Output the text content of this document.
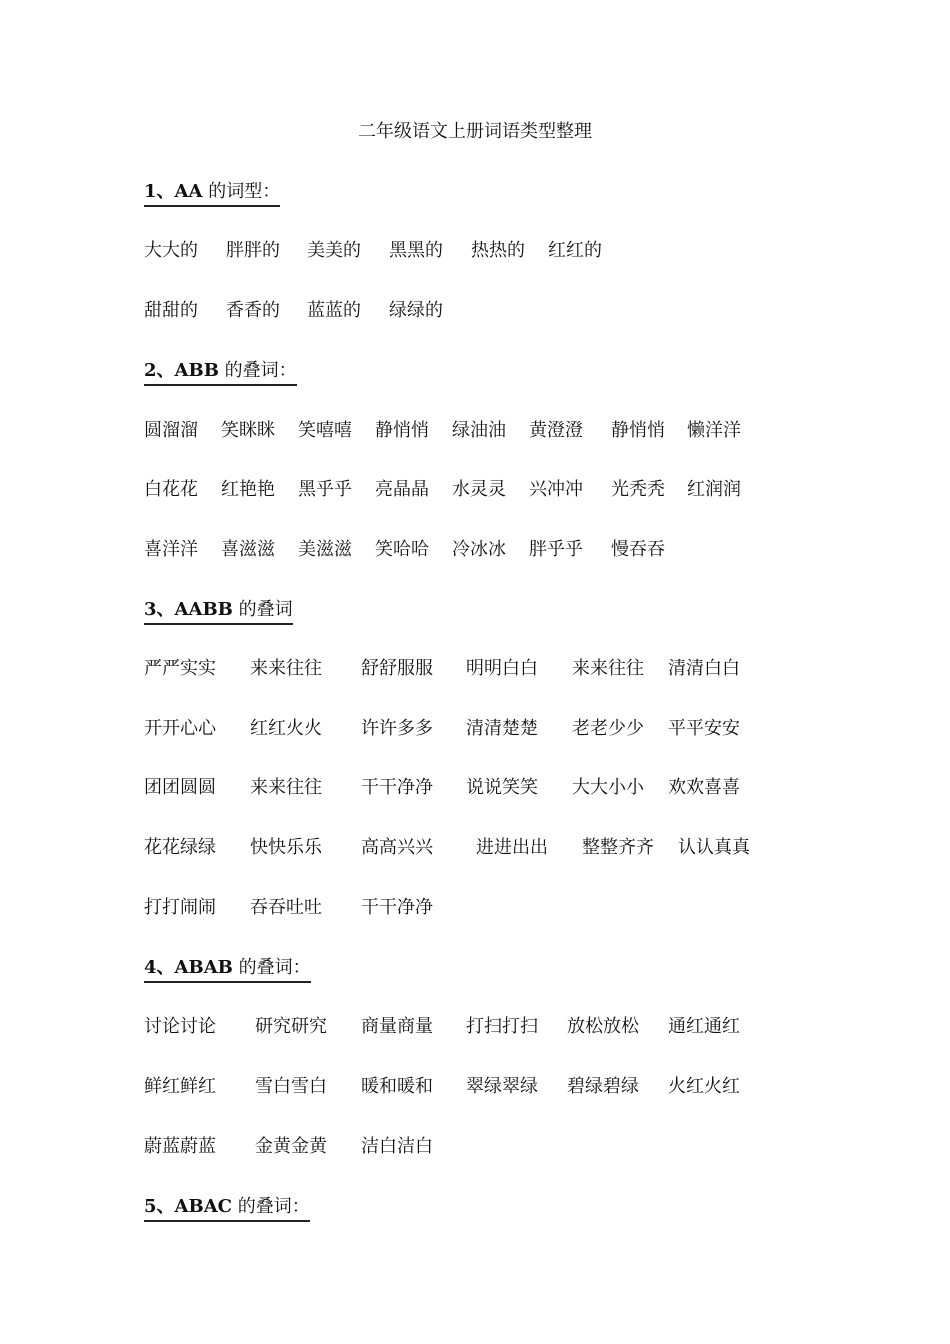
二年级语文上册词语类型整理
1、AA 的词型：
大大的 胖胖的 美美的 黑黑的 热热的 红红的
甜甜的 香香的 蓝蓝的 绿绿的
2、ABB 的叠词：
圆溜溜 笑眯眯 笑嘻嘻 静悄悄 绿油油 黄澄澄 静悄悄 懒洋洋
白花花 红艳艳 黑乎乎 亮晶晶 水灵灵 兴冲冲 光秃秃 红润润
喜洋洋 喜滋滋 美滋滋 笑哈哈 冷冰冰 胖乎乎 慢吞吞
3、AABB 的叠词
严严实实 来来往往 舒舒服服 明明白白 来来往往 清清白白
开开心心 红红火火 许许多多 清清楚楚 老老少少 平平安安
团团圆圆 来来往往 干干净净 说说笑笑 大大小小 欢欢喜喜
花花绿绿 快快乐乐 高高兴兴 进进出出 整整齐齐 认认真真
打打闹闹 吞吞吐吐 干干净净
4、ABAB 的叠词：
讨论讨论 研究研究 商量商量 打扫打扫 放松放松 通红通红
鲜红鲜红 雪白雪白 暖和暖和 翠绿翠绿 碧绿碧绿 火红火红
蔚蓝蔚蓝 金黄金黄 洁白洁白
5、ABAC 的叠词：
